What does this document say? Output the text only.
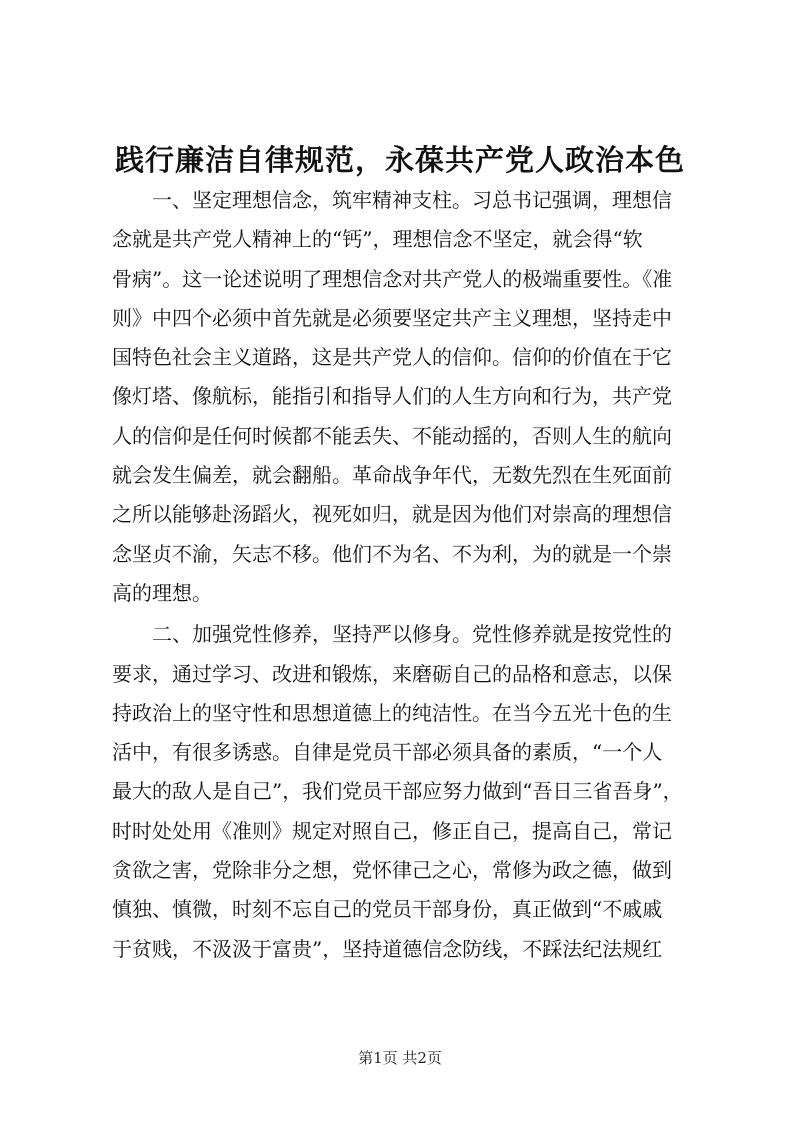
践行廉洁自律规范，永葆共产党人政治本色
一、坚定理想信念，筑牢精神支柱。习总书记强调，理想信
念就是共产党人精神上的“钙”，理想信念不坚定，就会得“软
骨病”。这一论述说明了理想信念对共产党人的极端重要性。《准
则》中四个必须中首先就是必须要坚定共产主义理想，坚持走中
国特色社会主义道路，这是共产党人的信仰。信仰的价值在于它
像灯塔、像航标，能指引和指导人们的人生方向和行为，共产党
人的信仰是任何时候都不能丢失、不能动摇的，否则人生的航向
就会发生偏差，就会翻船。革命战争年代，无数先烈在生死面前
之所以能够赴汤蹈火，视死如归，就是因为他们对崇高的理想信
念坚贞不渝，矢志不移。他们不为名、不为利，为的就是一个崇
高的理想。
二、加强党性修养，坚持严以修身。党性修养就是按党性的
要求，通过学习、改进和锻炼，来磨砺自己的品格和意志，以保
持政治上的坚守性和思想道德上的纯洁性。在当今五光十色的生
活中，有很多诱惑。自律是党员干部必须具备的素质，“一个人
最大的敌人是自己”，我们党员干部应努力做到“吾日三省吾身”，
时时处处用《准则》规定对照自己，修正自己，提高自己，常记
贪欲之害，党除非分之想，党怀律己之心，常修为政之德，做到
慎独、慎微，时刻不忘自己的党员干部身份，真正做到“不戚戚
于贫贱，不汲汲于富贵”，坚持道德信念防线，不踩法纪法规红
第1页 共2页
